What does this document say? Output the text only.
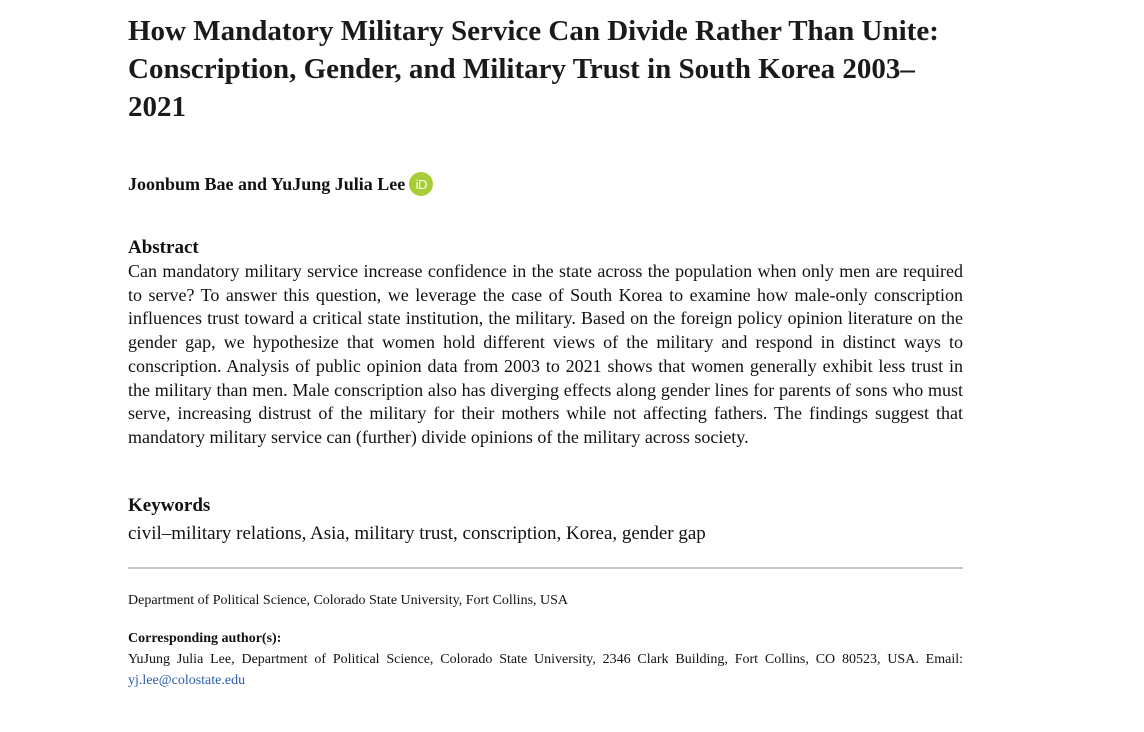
How Mandatory Military Service Can Divide Rather Than Unite: Conscription, Gender, and Military Trust in South Korea 2003–2021
Joonbum Bae and YuJung Julia Lee iD
Abstract

Can mandatory military service increase confidence in the state across the population when only men are required to serve? To answer this question, we leverage the case of South Korea to examine how male-only conscription influences trust toward a critical state institution, the military. Based on the foreign policy opinion literature on the gender gap, we hypothesize that women hold different views of the military and respond in distinct ways to conscription. Analysis of public opinion data from 2003 to 2021 shows that women generally exhibit less trust in the military than men. Male conscription also has diverging effects along gender lines for parents of sons who must serve, increasing distrust of the military for their mothers while not affecting fathers. The findings suggest that mandatory military service can (further) divide opinions of the military across society.

Keywords
civil–military relations, Asia, military trust, conscription, Korea, gender gap
Department of Political Science, Colorado State University, Fort Collins, USA
Corresponding author(s):
YuJung Julia Lee, Department of Political Science, Colorado State University, 2346 Clark Building, Fort Collins, CO 80523, USA. Email: yj.lee@colostate.edu
